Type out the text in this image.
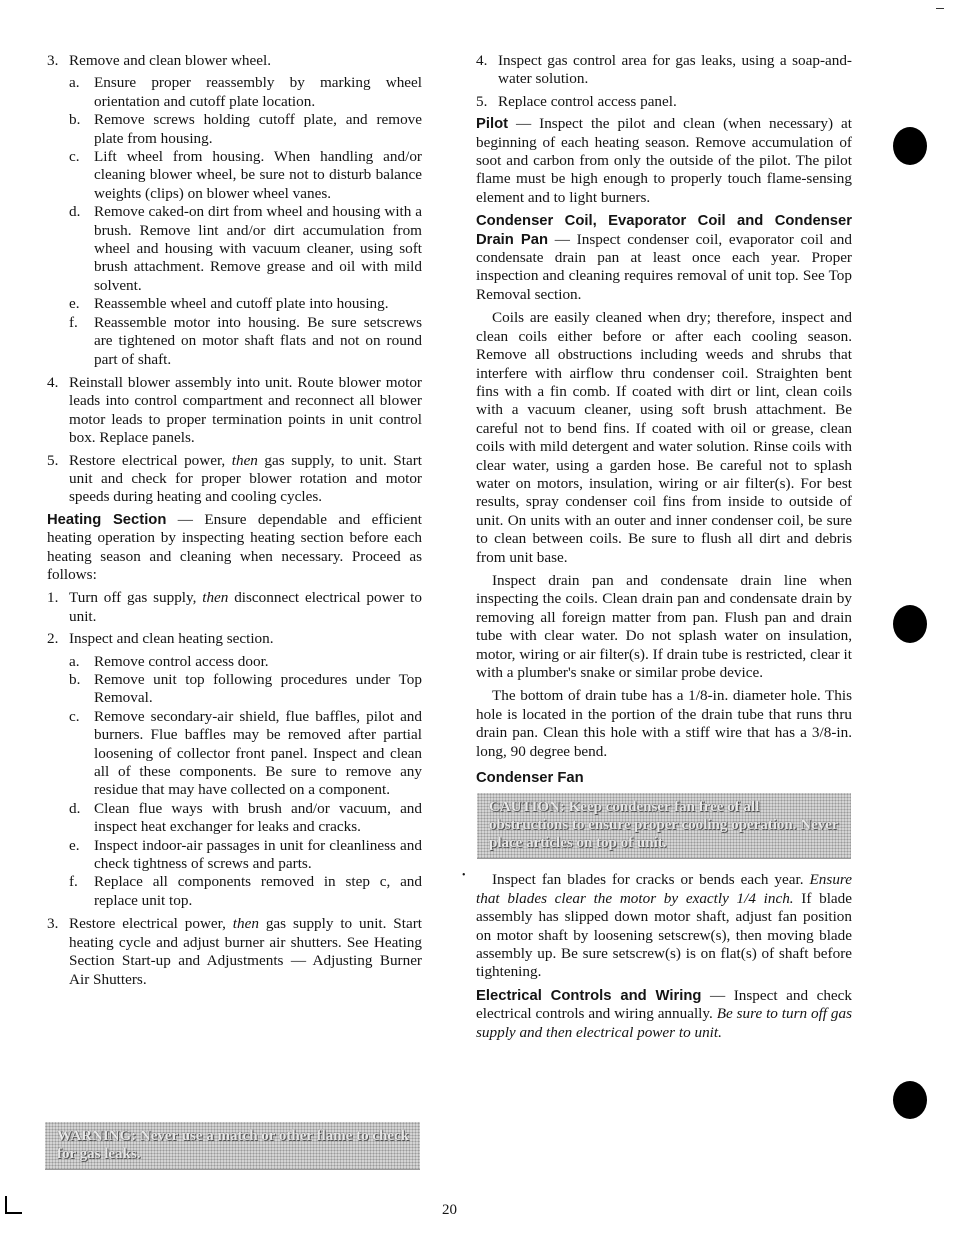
3. Remove and clean blower wheel.

a. Ensure proper reassembly by marking wheel orientation and cutoff plate location.

b. Remove screws holding cutoff plate, and remove plate from housing.

c. Lift wheel from housing. When handling and/or cleaning blower wheel, be sure not to disturb balance weights (clips) on blower wheel vanes.

d. Remove caked-on dirt from wheel and housing with a brush. Remove lint and/or dirt accumulation from wheel and housing with vacuum cleaner, using soft brush attachment. Remove grease and oil with mild solvent.

e. Reassemble wheel and cutoff plate into housing.

f. Reassemble motor into housing. Be sure setscrews are tightened on motor shaft flats and not on round part of shaft.

4. Reinstall blower assembly into unit. Route blower motor leads into control compartment and reconnect all blower motor leads to proper termination points in unit control box. Replace panels.

5. Restore electrical power, then gas supply, to unit. Start unit and check for proper blower rotation and motor speeds during heating and cooling cycles.

Heating Section — Ensure dependable and efficient heating operation by inspecting heating section before each heating season and cleaning when necessary. Proceed as follows:

1. Turn off gas supply, then disconnect electrical power to unit.

2. Inspect and clean heating section.

a. Remove control access door.

b. Remove unit top following procedures under Top Removal.

c. Remove secondary-air shield, flue baffles, pilot and burners. Flue baffles may be removed after partial loosening of collector front panel. Inspect and clean all of these components. Be sure to remove any residue that may have collected on a component.

d. Clean flue ways with brush and/or vacuum, and inspect heat exchanger for leaks and cracks.

e. Inspect indoor-air passages in unit for cleanliness and check tightness of screws and parts.

f. Replace all components removed in step c, and replace unit top.

3. Restore electrical power, then gas supply to unit. Start heating cycle and adjust burner air shutters. See Heating Section Start-up and Adjustments — Adjusting Burner Air Shutters.

WARNING: Never use a match or other flame to check for gas leaks.

4. Inspect gas control area for gas leaks, using a soap-and-water solution.

5. Replace control access panel.

Pilot — Inspect the pilot and clean (when necessary) at beginning of each heating season. Remove accumulation of soot and carbon from only the outside of the pilot. The pilot flame must be high enough to properly touch flame-sensing element and to light burners.

Condenser Coil, Evaporator Coil and Condenser Drain Pan — Inspect condenser coil, evaporator coil and condensate drain pan at least once each year. Proper inspection and cleaning requires removal of unit top. See Top Removal section.

Coils are easily cleaned when dry; therefore, inspect and clean coils either before or after each cooling season. Remove all obstructions including weeds and shrubs that interfere with airflow thru condenser coil. Straighten bent fins with a fin comb. If coated with dirt or lint, clean coils with a vacuum cleaner, using soft brush attachment. Be careful not to bend fins. If coated with oil or grease, clean coils with mild detergent and water solution. Rinse coils with clear water, using a garden hose. Be careful not to splash water on motors, insulation, wiring or air filter(s). For best results, spray condenser coil fins from inside to outside of unit. On units with an outer and inner condenser coil, be sure to clean between coils. Be sure to flush all dirt and debris from unit base.

Inspect drain pan and condensate drain line when inspecting the coils. Clean drain pan and condensate drain by removing all foreign matter from pan. Flush pan and drain tube with clear water. Do not splash water on insulation, motor, wiring or air filter(s). If drain tube is restricted, clear it with a plumber's snake or similar probe device.

The bottom of drain tube has a 1/8-in. diameter hole. This hole is located in the portion of the drain tube that runs thru drain pan. Clean this hole with a stiff wire that has a 3/8-in. long, 90 degree bend.

Condenser Fan
CAUTION: Keep condenser fan free of all obstructions to ensure proper cooling operation. Never place articles on top of unit.

Inspect fan blades for cracks or bends each year. Ensure that blades clear the motor by exactly 1/4 inch. If blade assembly has slipped down motor shaft, adjust fan position on motor shaft by loosening setscrew(s), then moving blade assembly up. Be sure setscrew(s) is on flat(s) of shaft before tightening.

Electrical Controls and Wiring — Inspect and check electrical controls and wiring annually. Be sure to turn off gas supply and then electrical power to unit.

•
20
